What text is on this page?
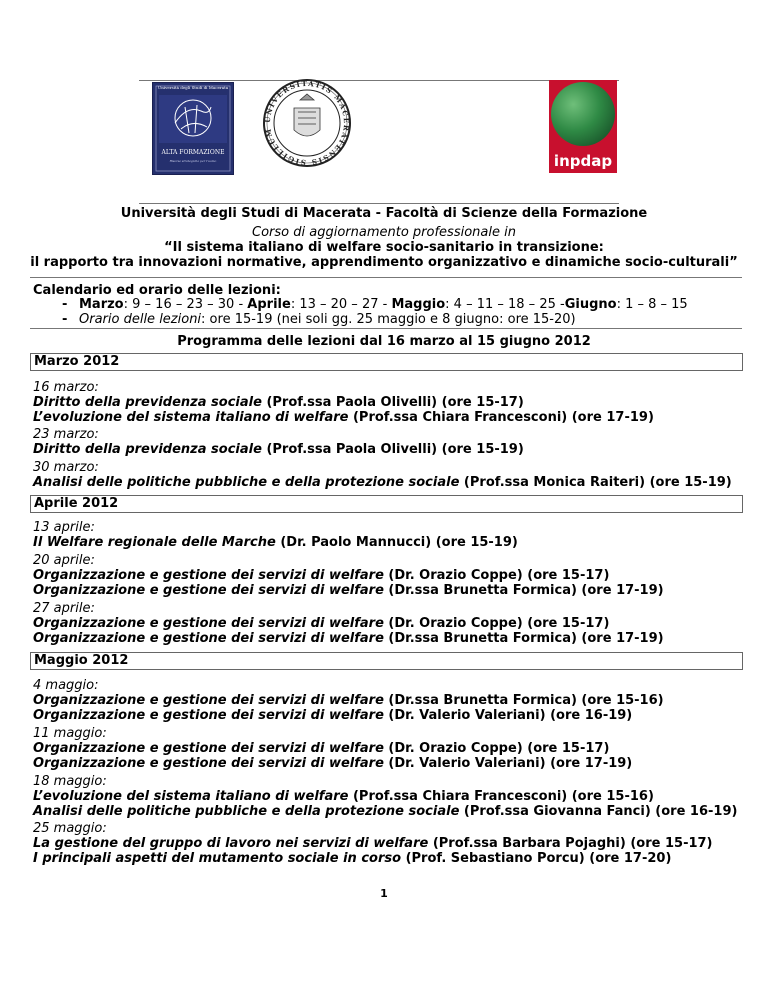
Università degli Studi di Macerata
ALTA FORMAZIONE
Risorse strategiche per l'uomo
UNIVERSITATIS MACERATENSIS SIGILLUM
inpdap
Università degli Studi di Macerata - Facoltà di Scienze della Formazione
Corso di aggiornamento professionale in
“Il sistema italiano di welfare socio-sanitario in transizione:
il rapporto tra innovazioni normative, apprendimento organizzativo e dinamiche socio-culturali”
Calendario ed orario delle lezioni:
- Marzo: 9 – 16 – 23 – 30 - Aprile: 13 – 20 – 27 - Maggio: 4 – 11 – 18 – 25 -Giugno: 1 – 8 – 15
- Orario delle lezioni: ore 15-19 (nei soli gg. 25 maggio e 8 giugno: ore 15-20)
Programma delle lezioni dal 16 marzo al 15 giugno 2012
Marzo 2012
Aprile 2012
Maggio 2012
16 marzo:
Diritto della previdenza sociale (Prof.ssa Paola Olivelli) (ore 15-17)
L’evoluzione del sistema italiano di welfare (Prof.ssa Chiara Francesconi) (ore 17-19)
23 marzo:
Diritto della previdenza sociale (Prof.ssa Paola Olivelli) (ore 15-19)
30 marzo:
Analisi delle politiche pubbliche e della protezione sociale (Prof.ssa Monica Raiteri) (ore 15-19)
13 aprile:
Il Welfare regionale delle Marche (Dr. Paolo Mannucci) (ore 15-19)
20 aprile:
Organizzazione e gestione dei servizi di welfare (Dr. Orazio Coppe) (ore 15-17)
Organizzazione e gestione dei servizi di welfare (Dr.ssa Brunetta Formica) (ore 17-19)
27 aprile:
Organizzazione e gestione dei servizi di welfare (Dr. Orazio Coppe) (ore 15-17)
Organizzazione e gestione dei servizi di welfare (Dr.ssa Brunetta Formica) (ore 17-19)
4 maggio:
Organizzazione e gestione dei servizi di welfare (Dr.ssa Brunetta Formica) (ore 15-16)
Organizzazione e gestione dei servizi di welfare (Dr. Valerio Valeriani) (ore 16-19)
11 maggio:
Organizzazione e gestione dei servizi di welfare (Dr. Orazio Coppe) (ore 15-17)
Organizzazione e gestione dei servizi di welfare (Dr. Valerio Valeriani) (ore 17-19)
18 maggio:
L’evoluzione del sistema italiano di welfare (Prof.ssa Chiara Francesconi) (ore 15-16)
Analisi delle politiche pubbliche e della protezione sociale (Prof.ssa Giovanna Fanci) (ore 16-19)
25 maggio:
La gestione del gruppo di lavoro nei servizi di welfare (Prof.ssa Barbara Pojaghi) (ore 15-17)
I principali aspetti del mutamento sociale in corso (Prof. Sebastiano Porcu) (ore 17-20)
1
